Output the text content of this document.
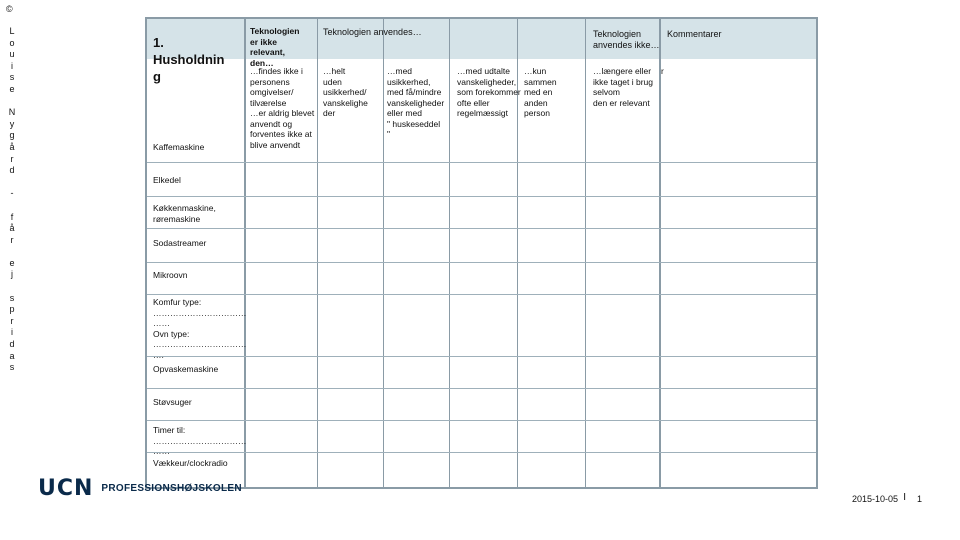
©
L
o
u
i
s
e

N
y
g
å
r
d

-

f
å
r

e
j

s
p
r
i
d
a
s
1.
Husholdnin
g
Teknologien
er ikke
relevant,
den…
Teknologien anvendes…	Teknologien
anvendes ikke…
Kommentarer
…findes ikke i
personens
omgivelser/
tilværelse
…er aldrig blevet
anvendt og
forventes ikke at
blive anvendt
…helt
uden
usikkerhed/
vanskelighe
der
…med
usikkerhed,
med få/mindre
vanskeligheder
eller med
" huskeseddel
"
…med udtalte
vanskeligheder,
som forekommer
ofte eller
regelmæssigt
…kun
sammen
med en
anden
person
…længere eller
ikke taget i brug
selvom
den er relevant
r
Kaffemaskine
Elkedel
Køkkenmaskine,
røremaskine
Sodastreamer
Mikroovn
Komfur type:
……………………………
……
Ovn type:
……………………………
….
Opvaskemaskine
Støvsuger
Timer til:
……………………………
……
Vækkeur/clockradio
UCN PROFESSIONSHØJSKOLEN
2015-10-05 I 1
